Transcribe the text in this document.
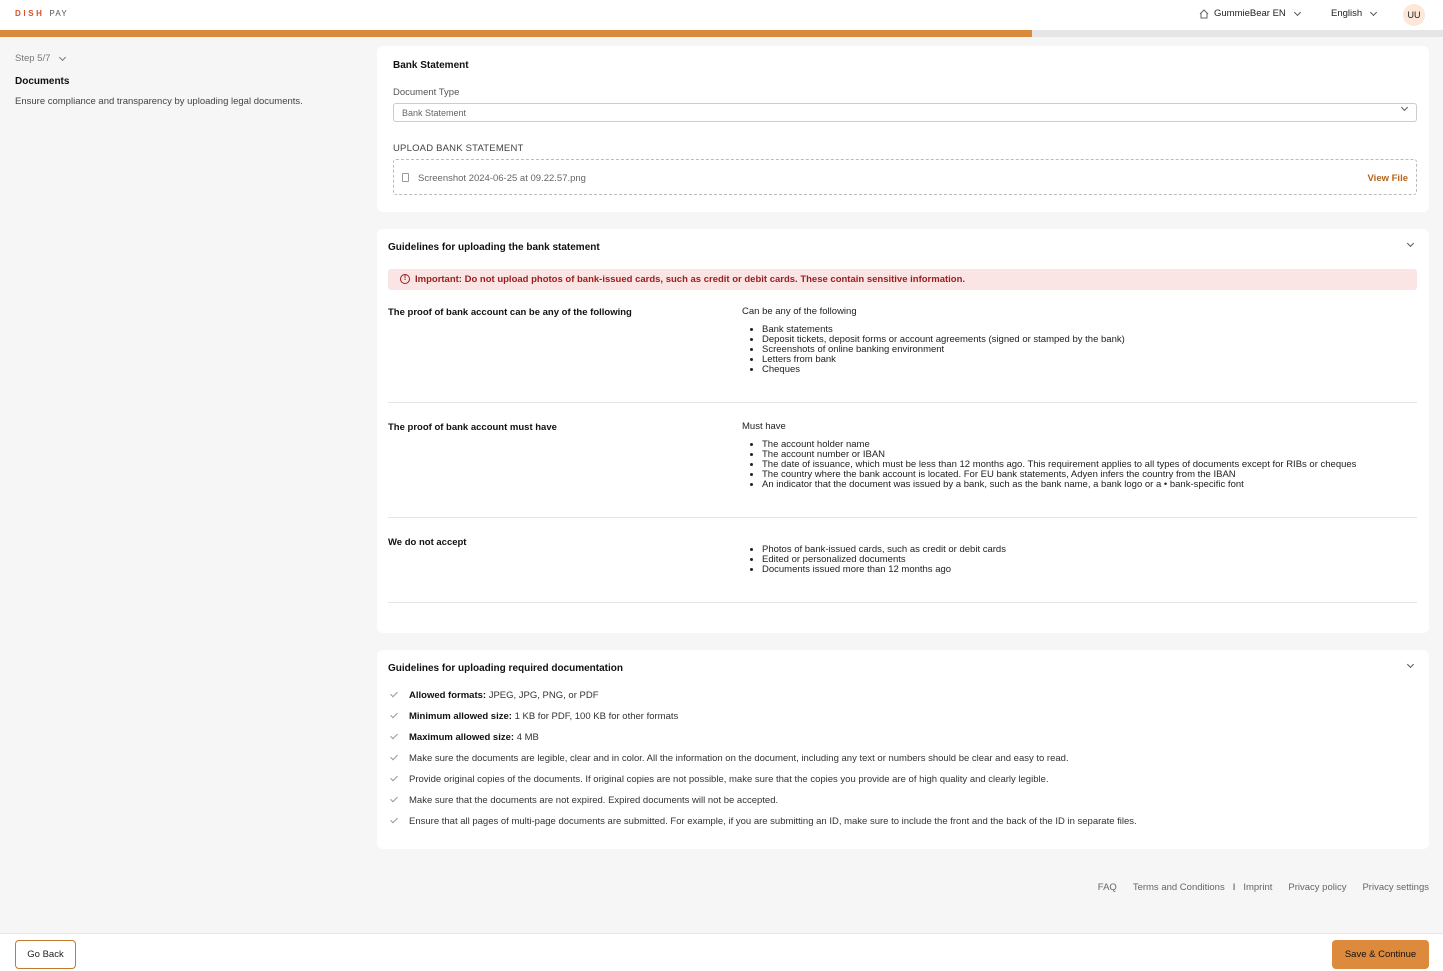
DISH PAY	GummieBear EN	English	UU
Step 5/7
Documents
Ensure compliance and transparency by uploading legal documents.
Bank Statement
Document Type
Bank Statement
UPLOAD BANK STATEMENT
Screenshot 2024-06-25 at 09.22.57.png	View File
Guidelines for uploading the bank statement
! Important: Do not upload photos of bank-issued cards, such as credit or debit cards. These contain sensitive information.
The proof of bank account can be any of the following	Can be any of the following
• Bank statements
• Deposit tickets, deposit forms or account agreements (signed or stamped by the bank)
• Screenshots of online banking environment
• Letters from bank
• Cheques
The proof of bank account must have	Must have
• The account holder name
• The account number or IBAN
• The date of issuance, which must be less than 12 months ago. This requirement applies to all types of documents except for RIBs or cheques
• The country where the bank account is located. For EU bank statements, Adyen infers the country from the IBAN
• An indicator that the document was issued by a bank, such as the bank name, a bank logo or a • bank-specific font
We do not accept
• Photos of bank-issued cards, such as credit or debit cards
• Edited or personalized documents
• Documents issued more than 12 months ago
Guidelines for uploading required documentation
Allowed formats: JPEG, JPG, PNG, or PDF
Minimum allowed size: 1 KB for PDF, 100 KB for other formats
Maximum allowed size: 4 MB
Make sure the documents are legible, clear and in color. All the information on the document, including any text or numbers should be clear and easy to read.
Provide original copies of the documents. If original copies are not possible, make sure that the copies you provide are of high quality and clearly legible.
Make sure that the documents are not expired. Expired documents will not be accepted.
Ensure that all pages of multi-page documents are submitted. For example, if you are submitting an ID, make sure to include the front and the back of the ID in separate files.
FAQ Terms and Conditions I Imprint Privacy policy Privacy settings
Go Back	Save & Continue
